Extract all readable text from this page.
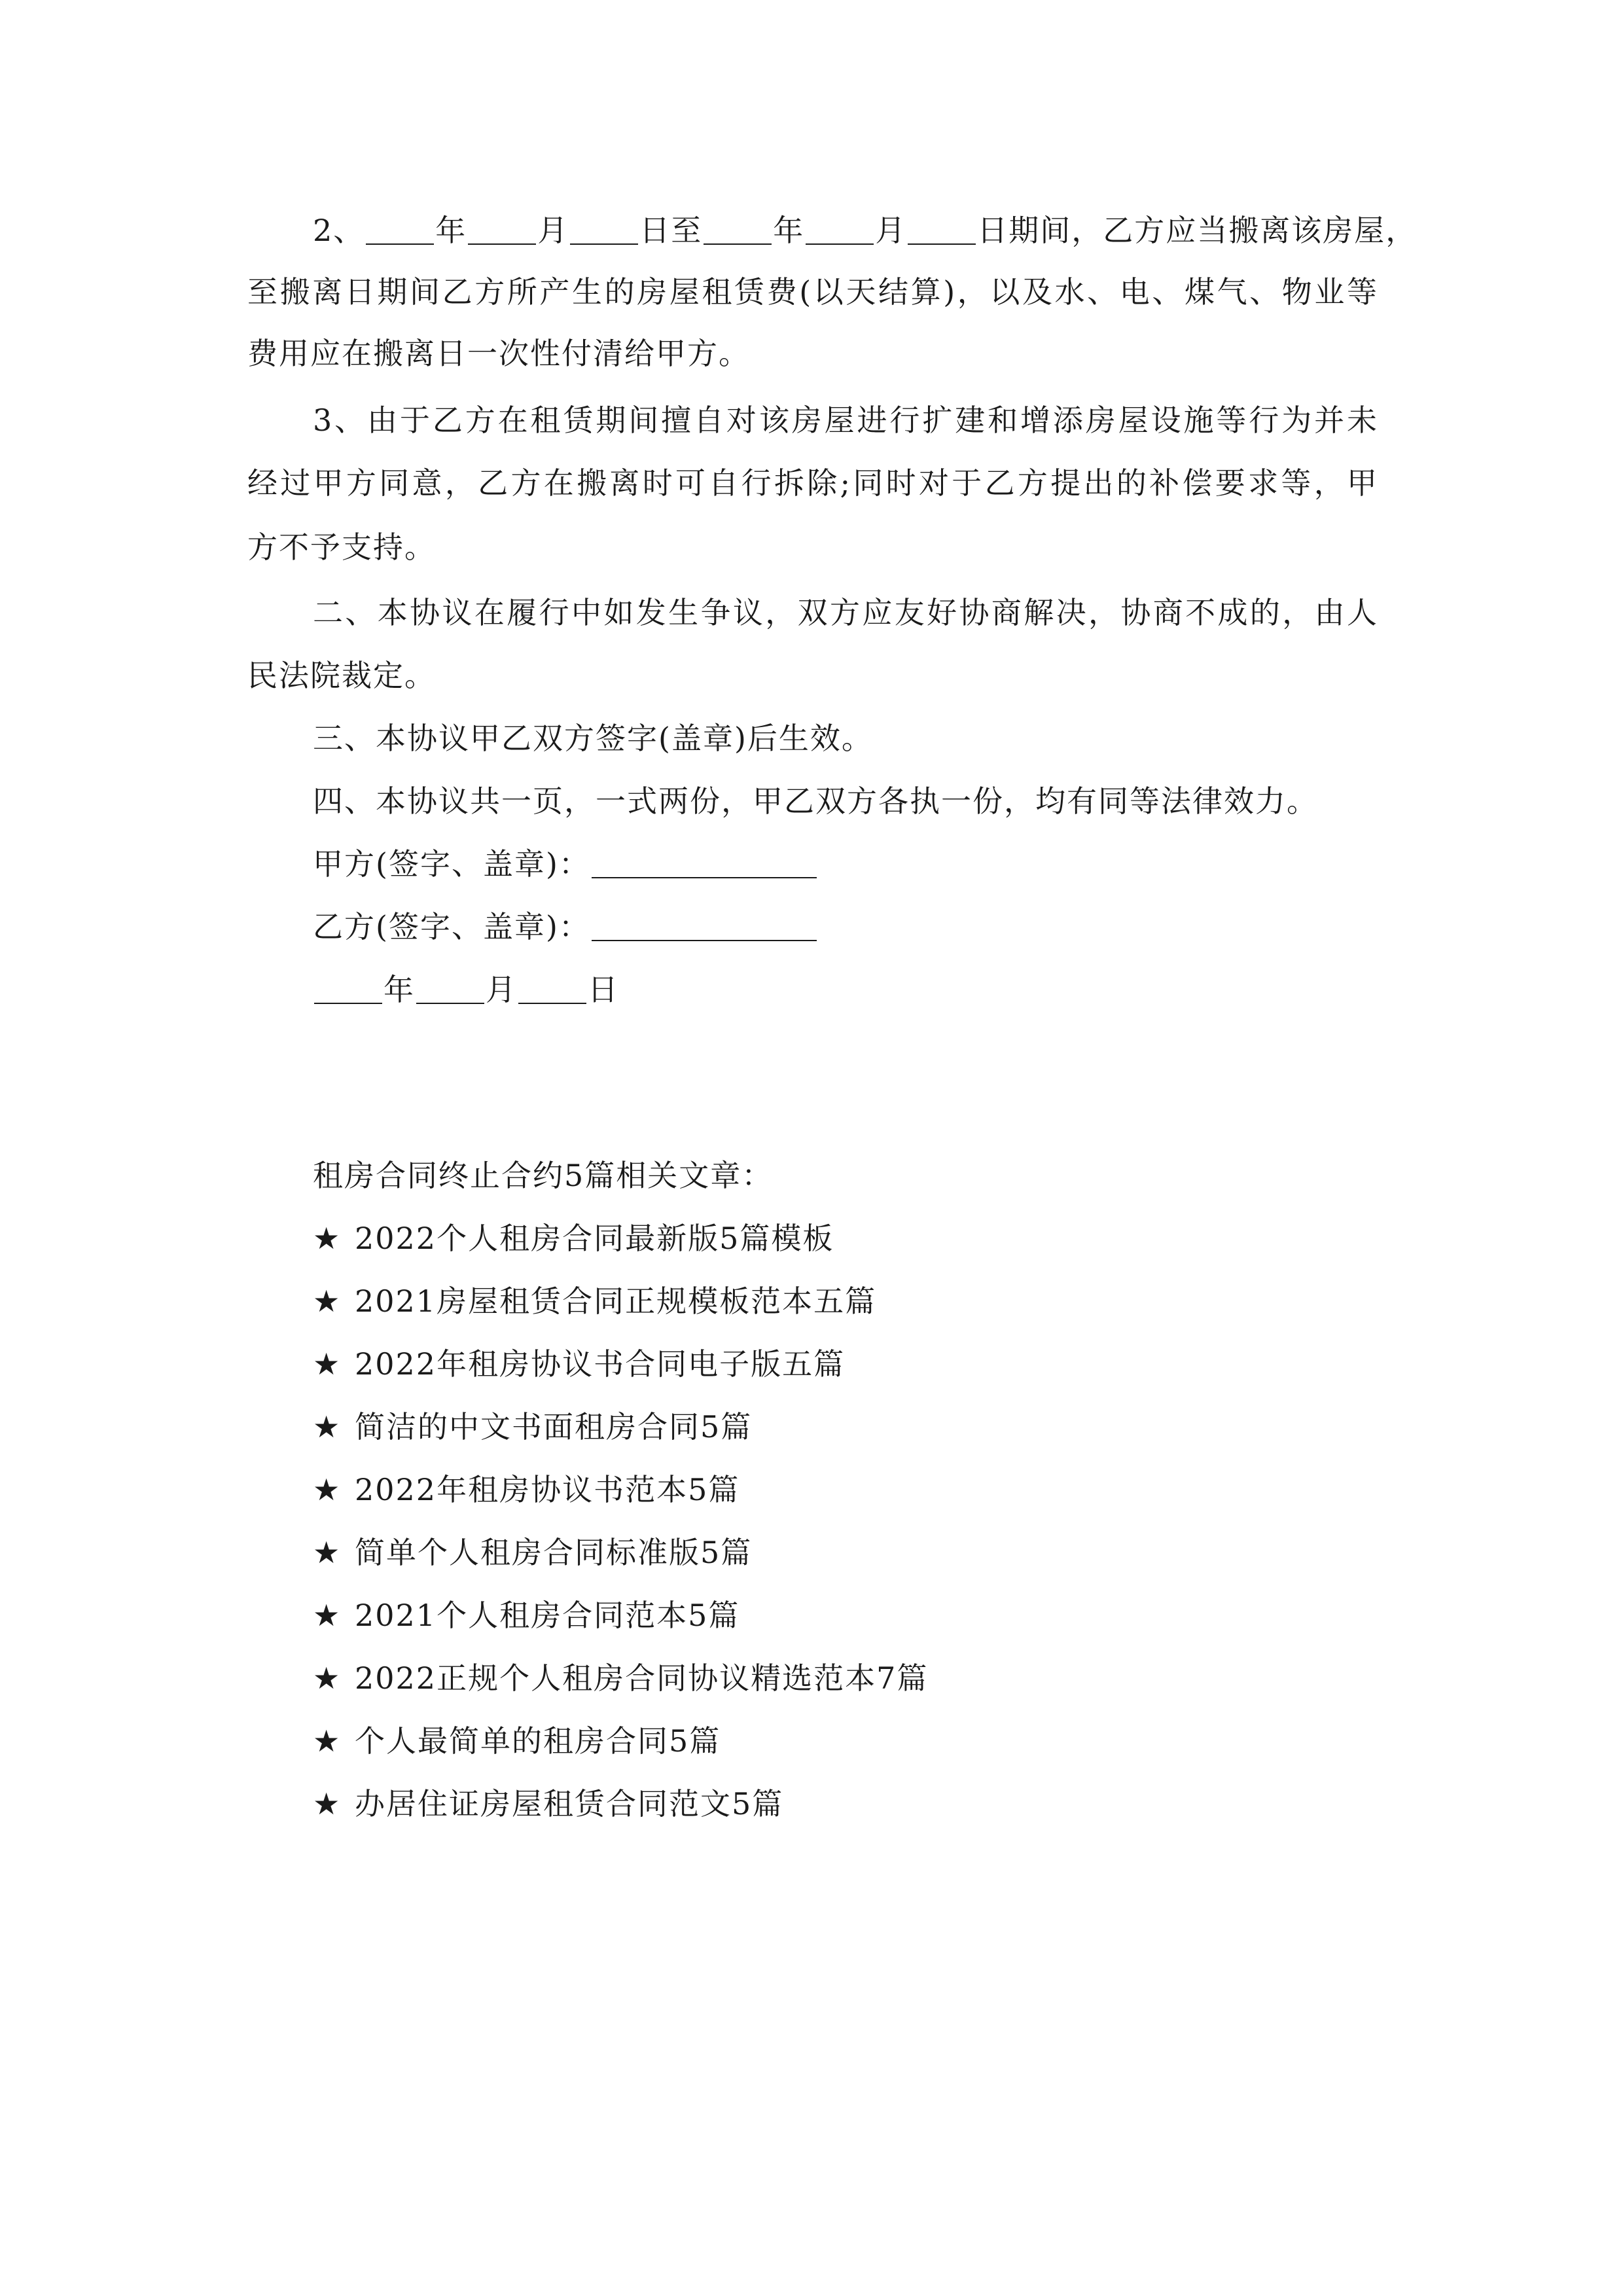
2、 年 月 日至 年 月 日期间，乙方应当搬离该房屋，
至搬离日期间乙方所产生的房屋租赁费(以天结算)，以及水、电、煤气、物业等
费用应在搬离日一次性付清给甲方。
3、由于乙方在租赁期间擅自对该房屋进行扩建和增添房屋设施等行为并未
经过甲方同意，乙方在搬离时可自行拆除;同时对于乙方提出的补偿要求等，甲
方不予支持。
二、本协议在履行中如发生争议，双方应友好协商解决，协商不成的，由人
民法院裁定。
三、本协议甲乙双方签字(盖章)后生效。
四、本协议共一页，一式两份，甲乙双方各执一份，均有同等法律效力。
甲方(签字、盖章)：
乙方(签字、盖章)：
年 月 日
租房合同终止合约5篇相关文章：
★ 2022个人租房合同最新版5篇模板
★ 2021房屋租赁合同正规模板范本五篇
★ 2022年租房协议书合同电子版五篇
★ 简洁的中文书面租房合同5篇
★ 2022年租房协议书范本5篇
★ 简单个人租房合同标准版5篇
★ 2021个人租房合同范本5篇
★ 2022正规个人租房合同协议精选范本7篇
★ 个人最简单的租房合同5篇
★ 办居住证房屋租赁合同范文5篇
